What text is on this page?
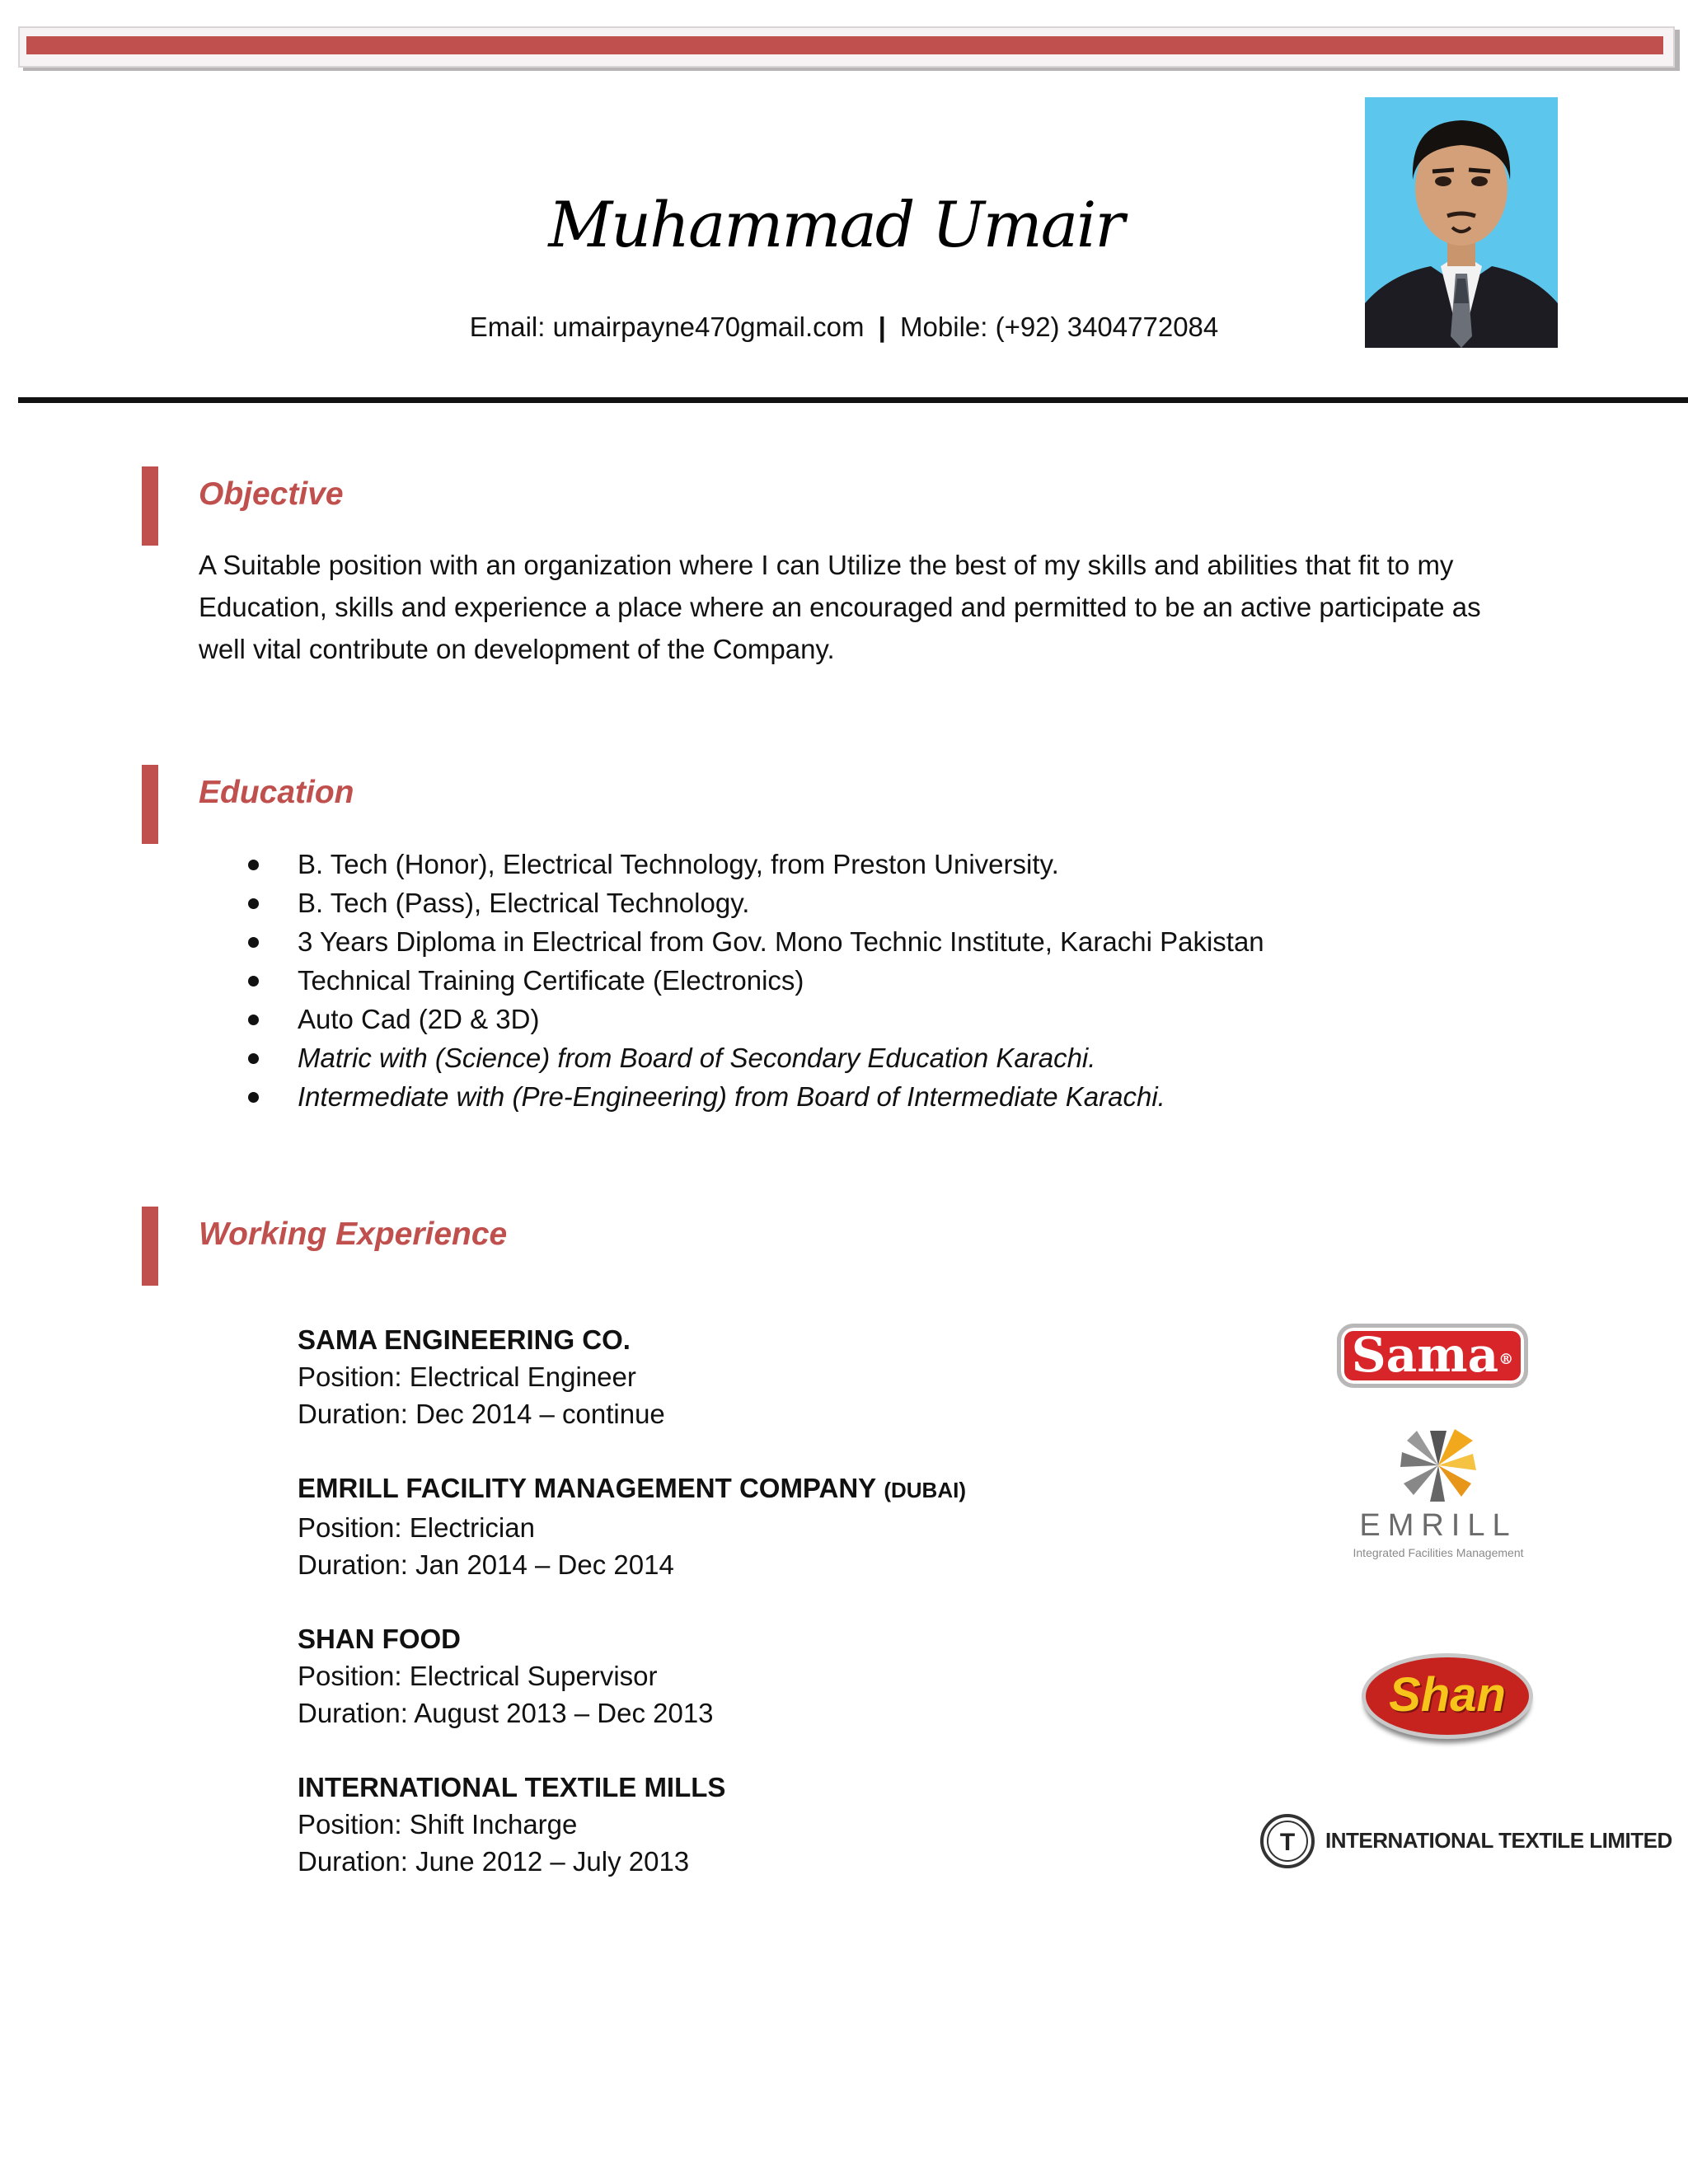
Muhammad Umair
Email: umairpayne470gmail.com | Mobile: (+92) 3404772084
Objective
A Suitable position with an organization where I can Utilize the best of my skills and abilities that fit to my Education, skills and experience a place where an encouraged and permitted to be an active participate as well vital contribute on development of the Company.
Education
B. Tech (Honor), Electrical Technology, from Preston University.
B. Tech (Pass), Electrical Technology.
3 Years Diploma in Electrical from Gov. Mono Technic Institute, Karachi Pakistan
Technical Training Certificate (Electronics)
Auto Cad (2D & 3D)
Matric with (Science) from Board of Secondary Education Karachi.
Intermediate with (Pre-Engineering) from Board of Intermediate Karachi.
Working Experience
SAMA ENGINEERING CO.
Position: Electrical Engineer
Duration: Dec 2014 – continue
EMRILL FACILITY MANAGEMENT COMPANY (DUBAI)
Position: Electrician
Duration: Jan 2014 – Dec 2014
SHAN FOOD
Position: Electrical Supervisor
Duration: August 2013 – Dec 2013
INTERNATIONAL TEXTILE MILLS
Position: Shift Incharge
Duration: June 2012 – July 2013
Sama®
EMRILL
Integrated Facilities Management
Shan
T INTERNATIONAL TEXTILE LIMITED
